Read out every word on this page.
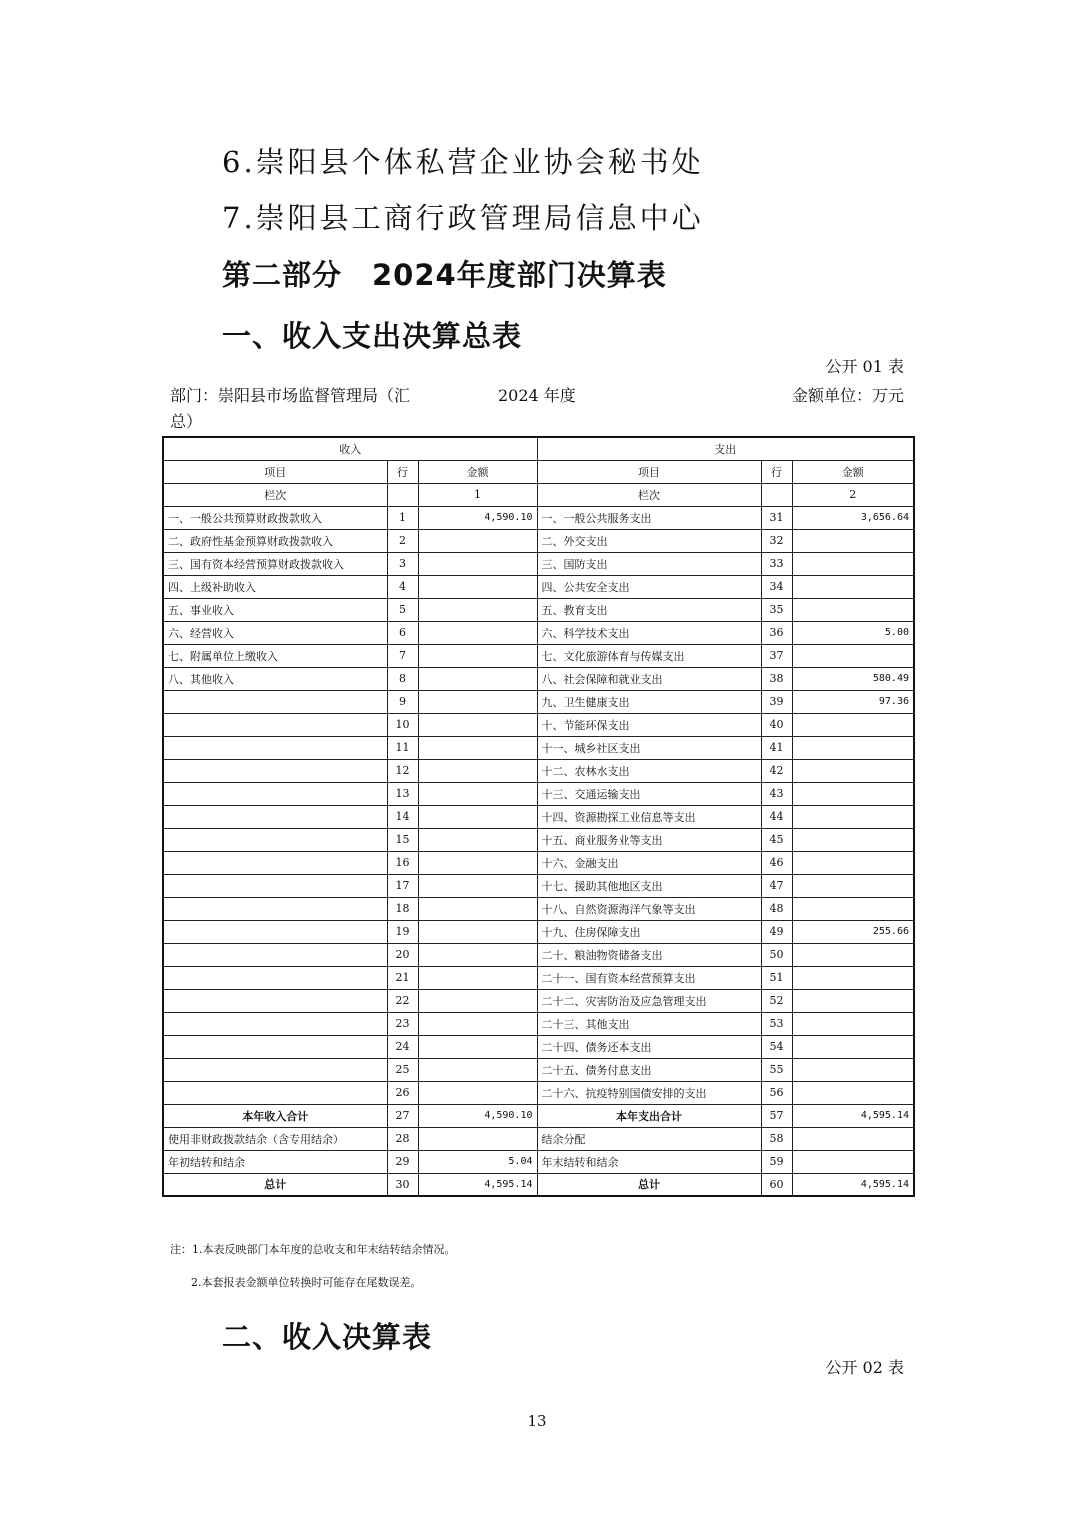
6.崇阳县个体私营企业协会秘书处
7.崇阳县工商行政管理局信息中心
第二部分　2024年度部门决算表
一、收入支出决算总表
公开 01 表
部门：崇阳县市场监督管理局（汇
总）
2024 年度	金额单位：万元
收入			支出		
项目	行	金额	项目	行	金额
栏次		1	栏次		2
一、一般公共预算财政拨款收入	1	4,590.10	一、一般公共服务支出	31	3,656.64
二、政府性基金预算财政拨款收入	2		二、外交支出	32	
三、国有资本经营预算财政拨款收入	3		三、国防支出	33	
四、上级补助收入	4		四、公共安全支出	34	
五、事业收入	5		五、教育支出	35	
六、经营收入	6		六、科学技术支出	36	5.00
七、附属单位上缴收入	7		七、文化旅游体育与传媒支出	37	
八、其他收入	8		八、社会保障和就业支出	38	580.49
	9		九、卫生健康支出	39	97.36
	10		十、节能环保支出	40	
	11		十一、城乡社区支出	41	
	12		十二、农林水支出	42	
	13		十三、交通运输支出	43	
	14		十四、资源勘探工业信息等支出	44	
	15		十五、商业服务业等支出	45	
	16		十六、金融支出	46	
	17		十七、援助其他地区支出	47	
	18		十八、自然资源海洋气象等支出	48	
	19		十九、住房保障支出	49	255.66
	20		二十、粮油物资储备支出	50	
	21		二十一、国有资本经营预算支出	51	
	22		二十二、灾害防治及应急管理支出	52	
	23		二十三、其他支出	53	
	24		二十四、债务还本支出	54	
	25		二十五、债务付息支出	55	
	26		二十六、抗疫特别国债安排的支出	56	
本年收入合计	27	4,590.10	本年支出合计	57	4,595.14
使用非财政拨款结余（含专用结余）	28		结余分配	58	
年初结转和结余	29	5.04	年末结转和结余	59	
总计	30	4,595.14	总计	60	4,595.14
注：1.本表反映部门本年度的总收支和年末结转结余情况。
2.本套报表金额单位转换时可能存在尾数误差。
二、收入决算表
公开 02 表
13
